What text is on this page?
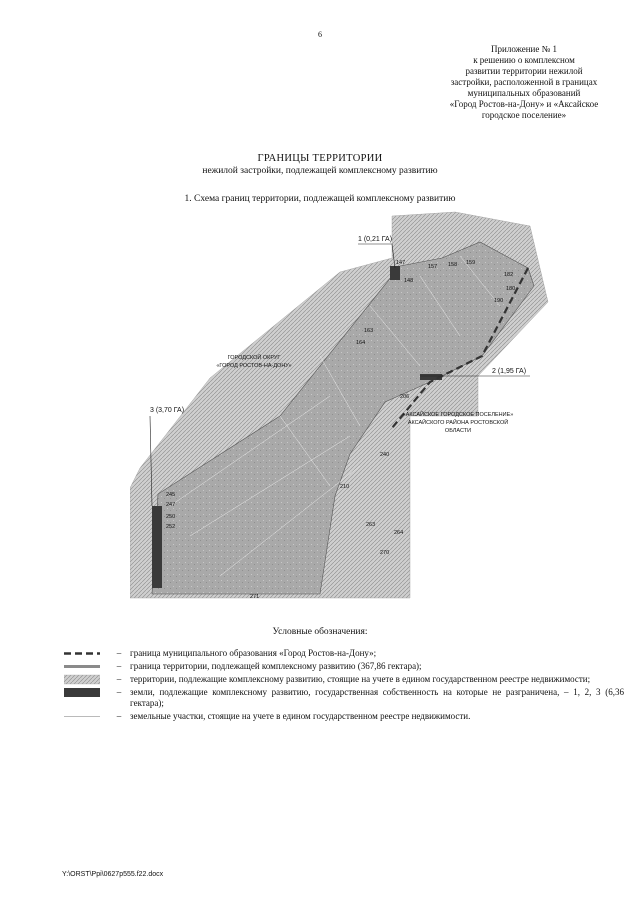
6
Приложение № 1
к решению о комплексном
развитии территории нежилой
застройки, расположенной в границах
муниципальных образований
«Город Ростов-на-Дону» и «Аксайское
городское поселение»
ГРАНИЦЫ ТЕРРИТОРИИ
нежилой застройки, подлежащей комплексному развитию
1. Схема границ территории, подлежащей комплексному развитию
1 (0,21 ГА)
2 (1,95 ГА)
3 (3,70 ГА)
ГОРОДСКОЙ ОКРУГ
«ГОРОД РОСТОВ-НА-ДОНУ»
«АКСАЙСКОЕ ГОРОДСКОЕ ПОСЕЛЕНИЕ»
АКСАЙСКОГО РАЙОНА РОСТОВСКОЙ
ОБЛАСТИ
147
148
157 158 159
163
164
180
182
190
206
210
240
245
247
250
252	263
264
270
271
Условные обозначения:
– граница муниципального образования «Город Ростов-на-Дону»;
– граница территории, подлежащей комплексному развитию (367,86 гектара);
– территории, подлежащие комплексному развитию, стоящие на учете в едином государственном реестре недвижимости;
– земли, подлежащие комплексному развитию, государственная собственность на которые не разграничена, – 1, 2, 3 (6,36 гектара);
– земельные участки, стоящие на учете в едином государственном реестре недвижимости.
Y:\ORST\Ppi\0627p555.f22.docx
